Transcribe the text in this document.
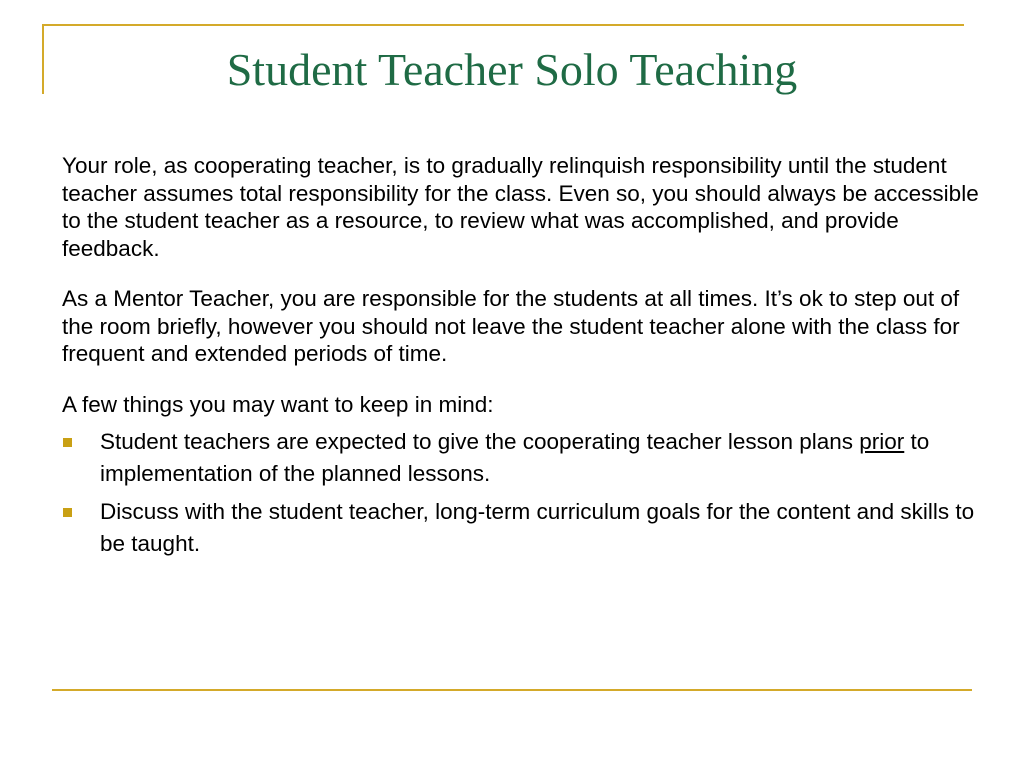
Student Teacher Solo Teaching

Your role, as cooperating teacher, is to gradually relinquish responsibility until the student teacher assumes total responsibility for the class. Even so, you should always be accessible to the student teacher as a resource, to review what was accomplished, and provide feedback.

As a Mentor Teacher, you are responsible for the students at all times. It’s ok to step out of the room briefly, however you should not leave the student teacher alone with the class for frequent and extended periods of time.

A few things you may want to keep in mind:

Student teachers are expected to give the cooperating teacher lesson plans prior to implementation of the planned lessons.
Discuss with the student teacher, long-term curriculum goals for the content and skills to be taught.
